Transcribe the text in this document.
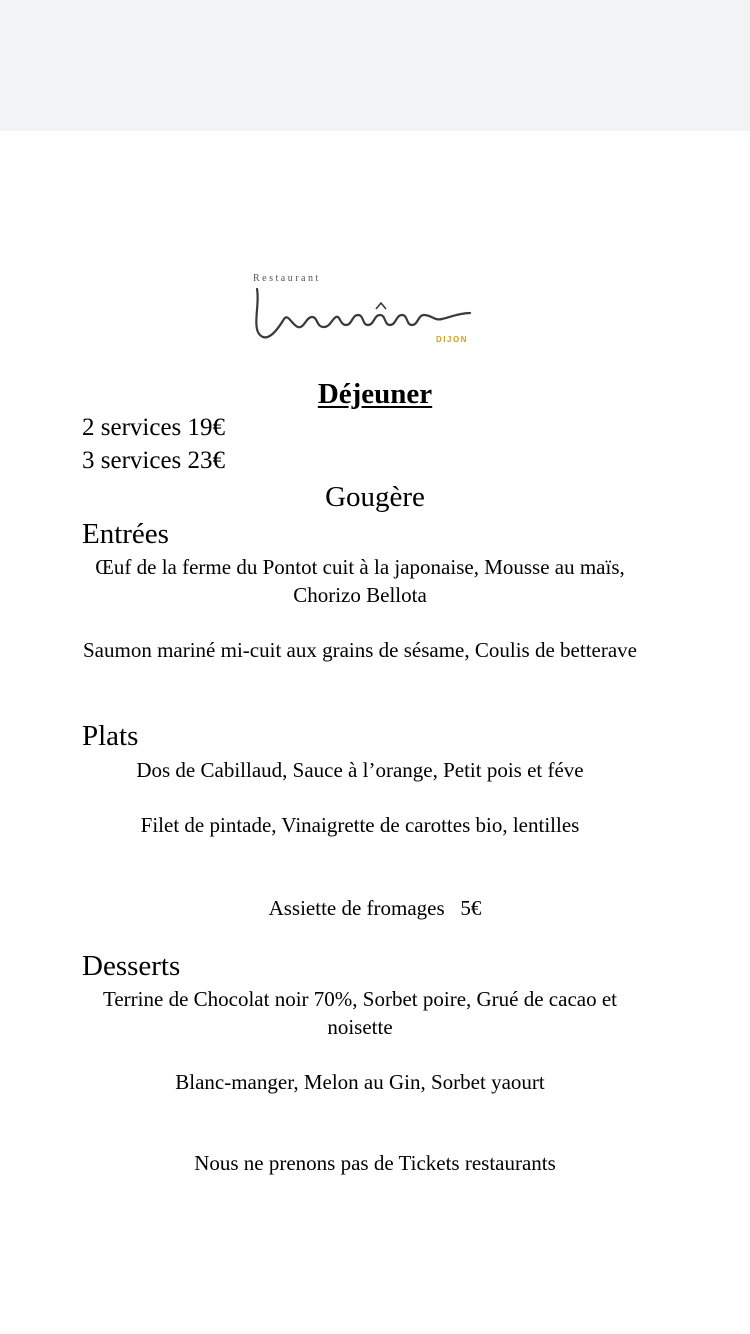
Restaurant
DIJON
Déjeuner

2 services 19€

3 services 23€

Gougère

Entrées

Œuf de la ferme du Pontot cuit à la japonaise, Mousse au maïs, Chorizo Bellota

Saumon mariné mi-cuit aux grains de sésame, Coulis de betterave

Plats

Dos de Cabillaud, Sauce à l’orange, Petit pois et féve

Filet de pintade, Vinaigrette de carottes bio, lentilles

Assiette de fromages   5€

Desserts

Terrine de Chocolat noir 70%, Sorbet poire, Grué de cacao et noisette

Blanc-manger, Melon au Gin, Sorbet yaourt

Nous ne prenons pas de Tickets restaurants
